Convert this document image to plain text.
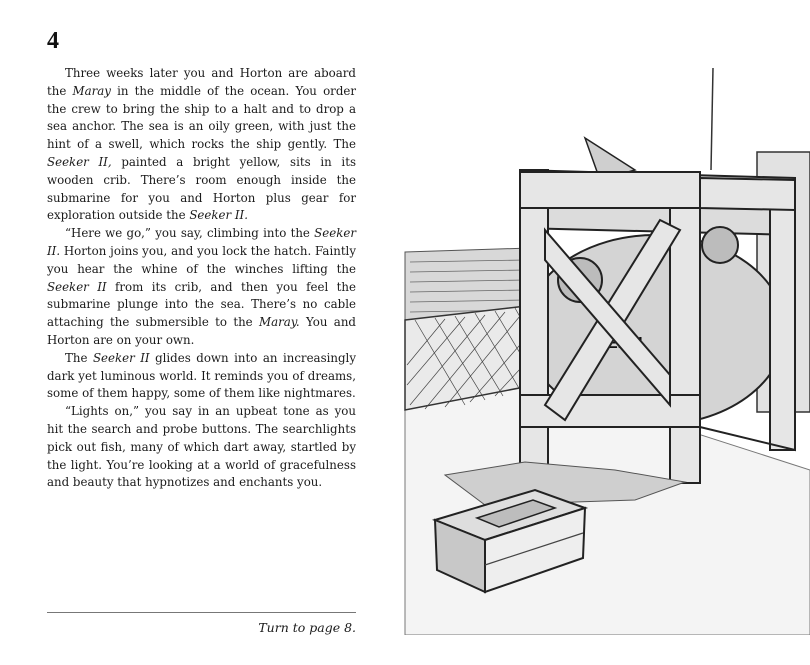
4

Three weeks later you and Horton are aboard the Maray in the middle of the ocean. You order the crew to bring the ship to a halt and to drop a sea anchor. The sea is an oily green, with just the hint of a swell, which rocks the ship gently. The Seeker II, painted a bright yellow, sits in its wooden crib. There’s room enough inside the submarine for you and Horton plus gear for exploration outside the Seeker II.

“Here we go,” you say, climbing into the Seeker II. Horton joins you, and you lock the hatch. Faintly you hear the whine of the winches lifting the Seeker II from its crib, and then you feel the submarine plunge into the sea. There’s no cable attaching the submersible to the Maray. You and Horton are on your own.

The Seeker II glides down into an increasingly dark yet luminous world. It reminds you of dreams, some of them happy, some of them like nightmares.

“Lights on,” you say in an upbeat tone as you hit the search and probe buttons. The searchlights pick out fish, many of which dart away, startled by the light. You’re looking at a world of gracefulness and beauty that hypnotizes and enchants you.

Turn to page 8.
